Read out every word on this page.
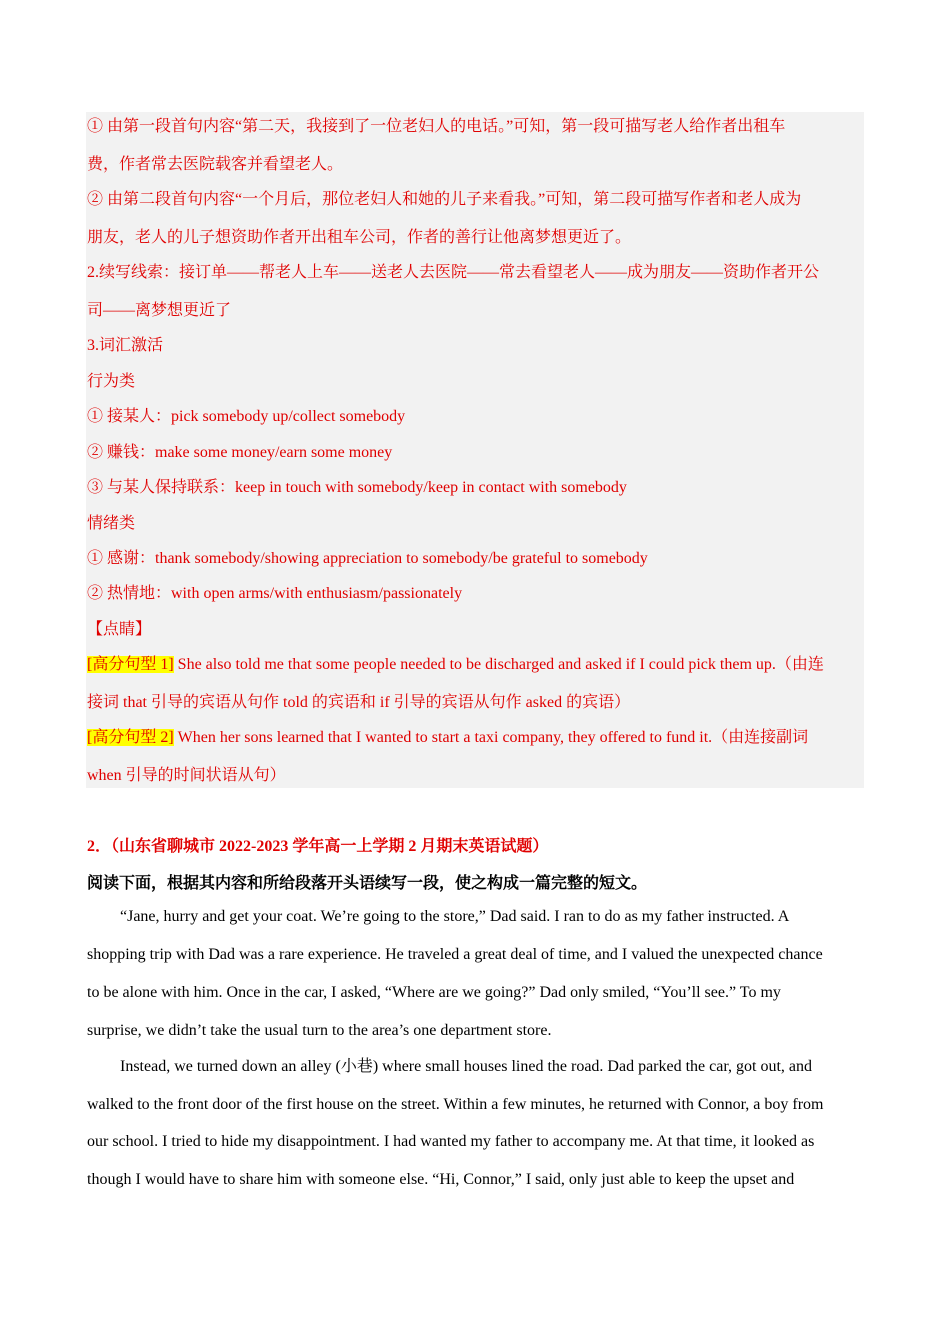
① 由第一段首句内容“第二天，我接到了一位老妇人的电话。”可知，第一段可描写老人给作者出租车
费，作者常去医院载客并看望老人。
② 由第二段首句内容“一个月后，那位老妇人和她的儿子来看我。”可知，第二段可描写作者和老人成为
朋友，老人的儿子想资助作者开出租车公司，作者的善行让他离梦想更近了。
2.续写线索：接订单——帮老人上车——送老人去医院——常去看望老人——成为朋友——资助作者开公
司——离梦想更近了
3.词汇激活
行为类
① 接某人：pick somebody up/collect somebody
② 赚钱：make some money/earn some money
③ 与某人保持联系：keep in touch with somebody/keep in contact with somebody
情绪类
① 感谢：thank somebody/showing appreciation to somebody/be grateful to somebody
② 热情地：with open arms/with enthusiasm/passionately
【点睛】
[高分句型 1] She also told me that some people needed to be discharged and asked if I could pick them up.（由连
接词 that 引导的宾语从句作 told 的宾语和 if 引导的宾语从句作 asked 的宾语）
[高分句型 2] When her sons learned that I wanted to start a taxi company, they offered to fund it.（由连接副词
when 引导的时间状语从句）
2．（山东省聊城市 2022-2023 学年高一上学期 2 月期末英语试题）
阅读下面，根据其内容和所给段落开头语续写一段，使之构成一篇完整的短文。
“Jane, hurry and get your coat. We’re going to the store,” Dad said. I ran to do as my father instructed. A
shopping trip with Dad was a rare experience. He traveled a great deal of time, and I valued the unexpected chance
to be alone with him. Once in the car, I asked, “Where are we going?” Dad only smiled, “You’ll see.” To my
surprise, we didn’t take the usual turn to the area’s one department store.
Instead, we turned down an alley (小巷) where small houses lined the road. Dad parked the car, got out, and
walked to the front door of the first house on the street. Within a few minutes, he returned with Connor, a boy from
our school. I tried to hide my disappointment. I had wanted my father to accompany me. At that time, it looked as
though I would have to share him with someone else. “Hi, Connor,” I said, only just able to keep the upset and
